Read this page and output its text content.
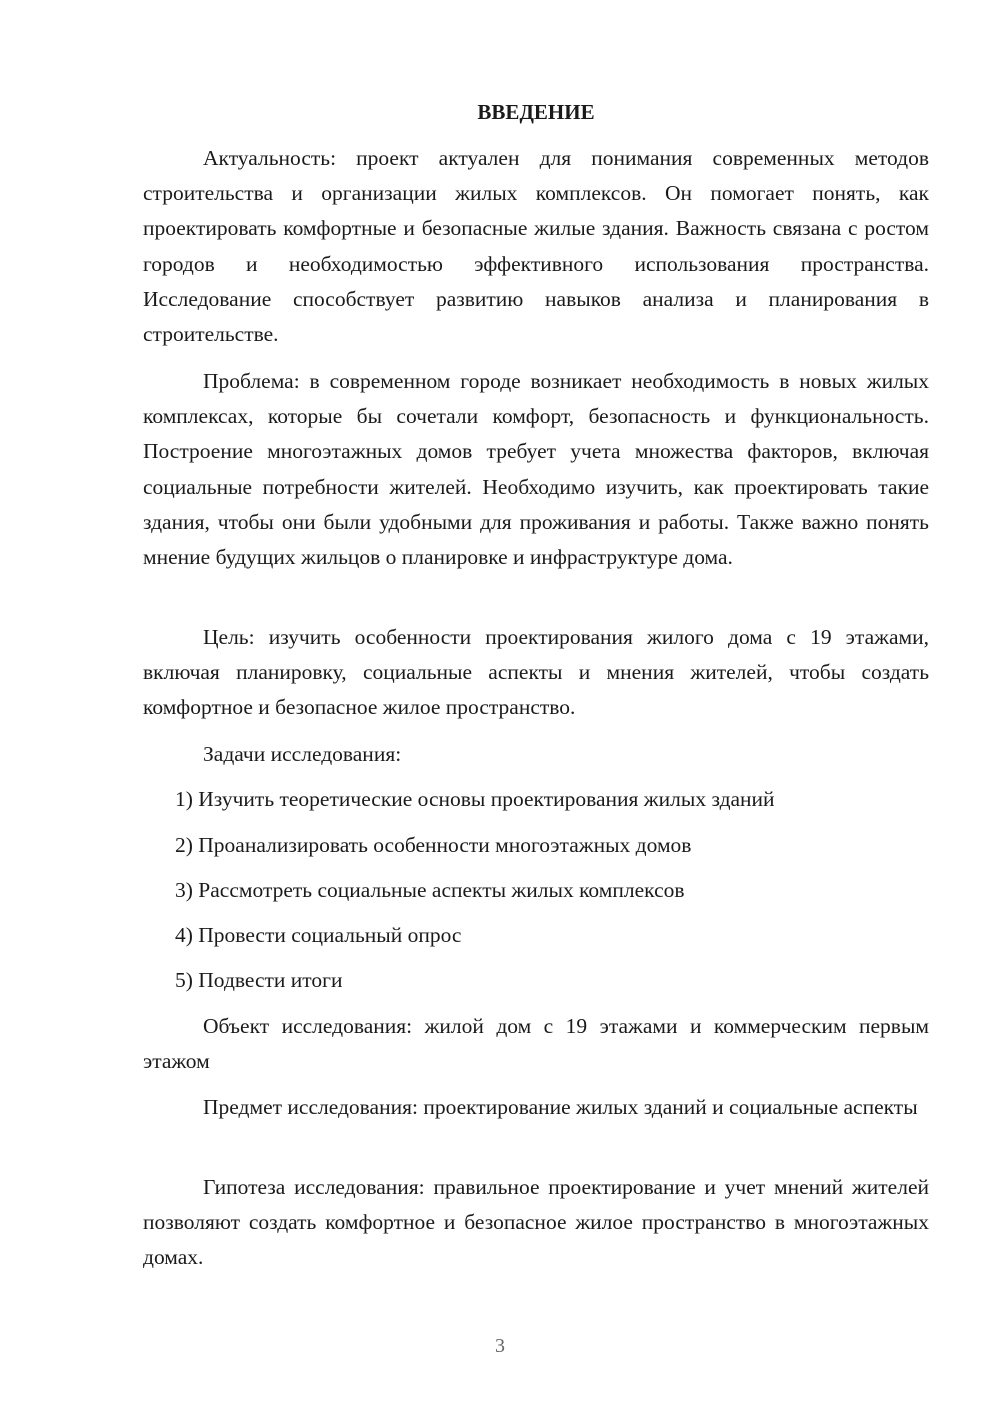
ВВЕДЕНИЕ

Актуальность: проект актуален для понимания современных методов строительства и организации жилых комплексов. Он помогает понять, как проектировать комфортные и безопасные жилые здания. Важность связана с ростом городов и необходимостью эффективного использования пространства. Исследование способствует развитию навыков анализа и планирования в строительстве.

Проблема: в современном городе возникает необходимость в новых жилых комплексах, которые бы сочетали комфорт, безопасность и функциональность. Построение многоэтажных домов требует учета множества факторов, включая социальные потребности жителей. Необходимо изучить, как проектировать такие здания, чтобы они были удобными для проживания и работы. Также важно понять мнение будущих жильцов о планировке и инфраструктуре дома.

Цель: изучить особенности проектирования жилого дома с 19 этажами, включая планировку, социальные аспекты и мнения жителей, чтобы создать комфортное и безопасное жилое пространство.

Задачи исследования:

1) Изучить теоретические основы проектирования жилых зданий

2) Проанализировать особенности многоэтажных домов

3) Рассмотреть социальные аспекты жилых комплексов

4) Провести социальный опрос

5) Подвести итоги

Объект исследования: жилой дом с 19 этажами и коммерческим первым этажом

Предмет исследования: проектирование жилых зданий и социальные аспекты

Гипотеза исследования: правильное проектирование и учет мнений жителей позволяют создать комфортное и безопасное жилое пространство в многоэтажных домах.

3
